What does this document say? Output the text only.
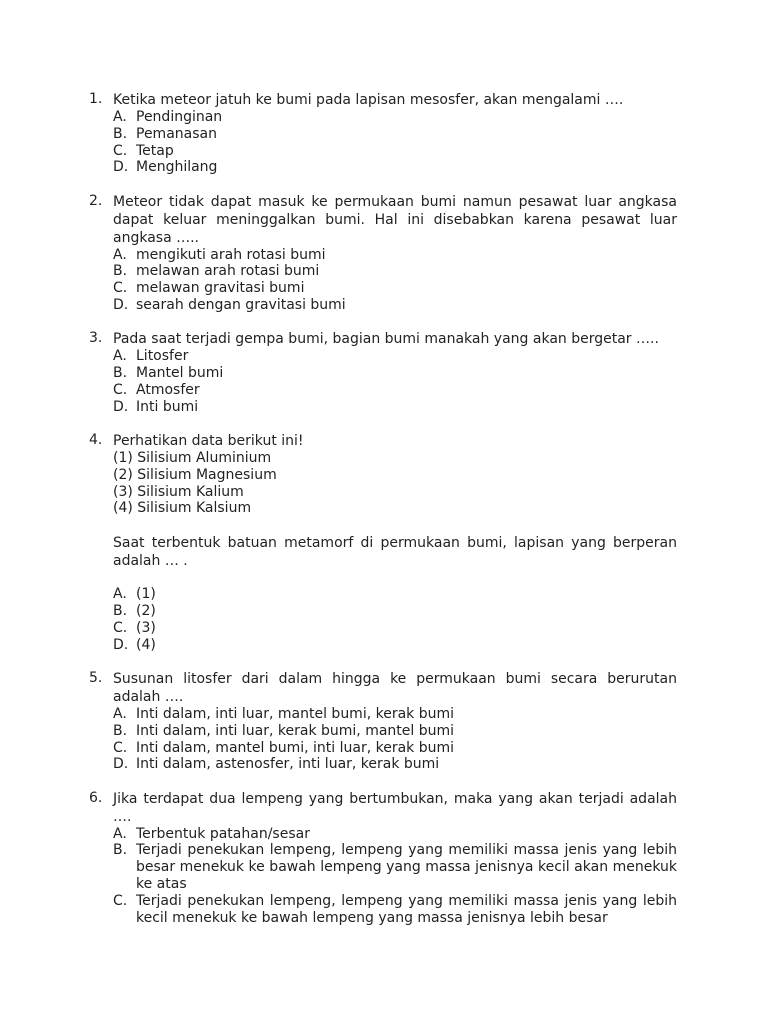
1. Ketika meteor jatuh ke bumi pada lapisan mesosfer, akan mengalami ….
A. Pendinginan
B. Pemanasan
C. Tetap
D. Menghilang
2. Meteor tidak dapat masuk ke permukaan bumi namun pesawat luar angkasa dapat keluar meninggalkan bumi. Hal ini disebabkan karena pesawat luar angkasa …..
A. mengikuti arah rotasi bumi
B. melawan arah rotasi bumi
C. melawan gravitasi bumi
D. searah dengan gravitasi bumi
3. Pada saat terjadi gempa bumi, bagian bumi manakah yang akan bergetar …..
A. Litosfer
B. Mantel bumi
C. Atmosfer
D. Inti bumi
4. Perhatikan data berikut ini!
(1) Silisium Aluminium
(2) Silisium Magnesium
(3) Silisium Kalium
(4) Silisium Kalsium
Saat terbentuk batuan metamorf di permukaan bumi, lapisan yang berperan adalah … .
A. (1)
B. (2)
C. (3)
D. (4)
5. Susunan litosfer dari dalam hingga ke permukaan bumi secara berurutan adalah ….
A. Inti dalam, inti luar, mantel bumi, kerak bumi
B. Inti dalam, inti luar, kerak bumi, mantel bumi
C. Inti dalam, mantel bumi, inti luar, kerak bumi
D. Inti dalam, astenosfer, inti luar, kerak bumi
6. Jika terdapat dua lempeng yang bertumbukan, maka yang akan terjadi adalah ….
A. Terbentuk patahan/sesar
B. Terjadi penekukan lempeng, lempeng yang memiliki massa jenis yang lebih besar menekuk ke bawah lempeng yang massa jenisnya kecil akan menekuk ke atas
C. Terjadi penekukan lempeng, lempeng yang memiliki massa jenis yang lebih kecil menekuk ke bawah lempeng yang massa jenisnya lebih besar
